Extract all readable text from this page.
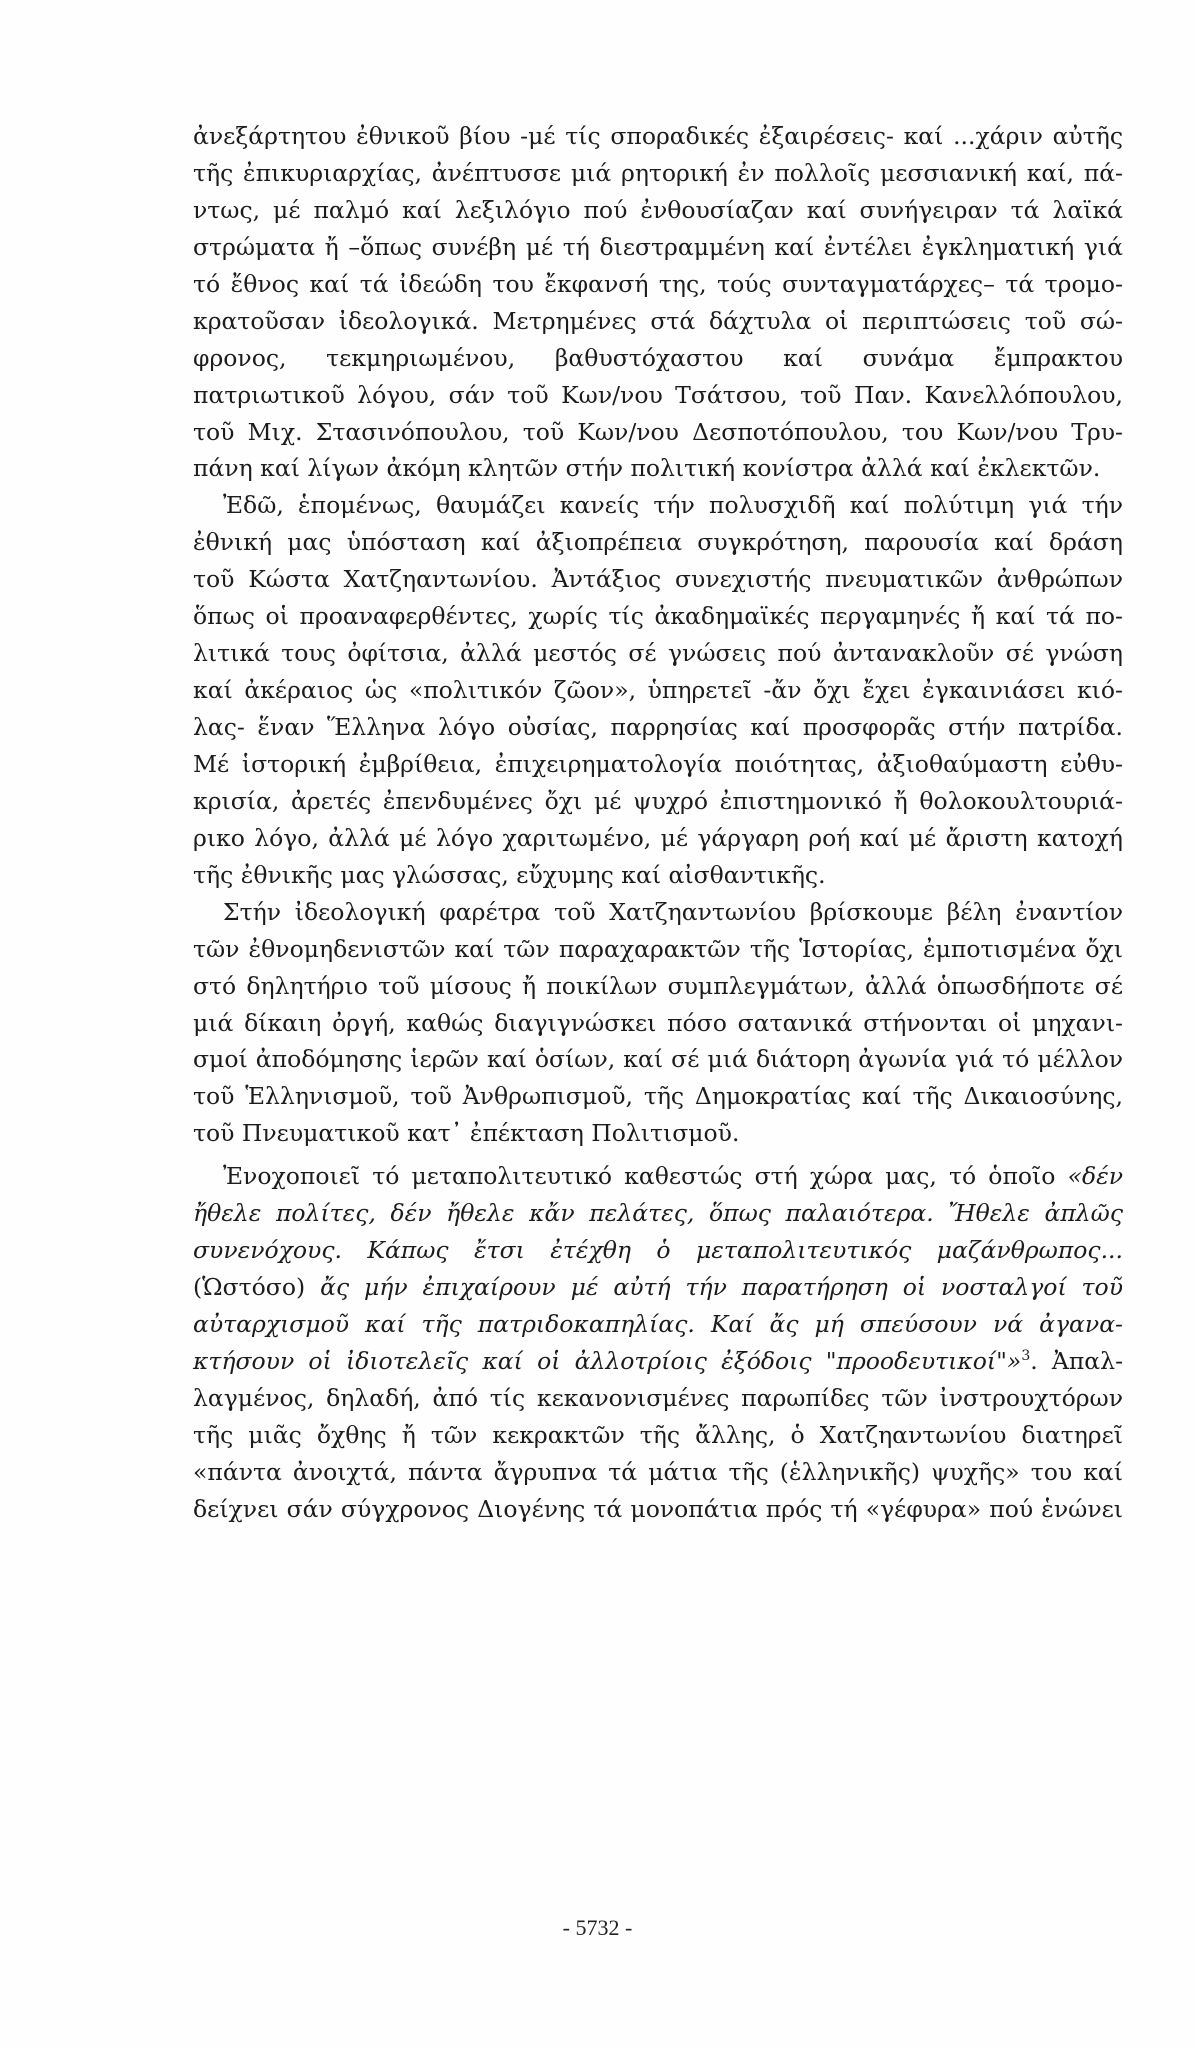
ἀνεξάρτητου ἐθνικοῦ βίου -μέ τίς σποραδικές ἐξαιρέσεις- καί ...χάριν αὐτῆς
τῆς ἐπικυριαρχίας, ἀνέπτυσσε μιά ρητορική ἐν πολλοῖς μεσσιανική καί, πά-
ντως, μέ παλμό καί λεξιλόγιο πού ἐνθουσίαζαν καί συνήγειραν τά λαϊκά
στρώματα ἤ –ὅπως συνέβη μέ τή διεστραμμένη καί ἐντέλει ἐγκληματική γιά
τό ἔθνος καί τά ἰδεώδη του ἔκφανσή της, τούς συνταγματάρχες– τά τρομο-
κρατοῦσαν ἰδεολογικά. Μετρημένες στά δάχτυλα οἱ περιπτώσεις τοῦ σώ-
φρονος, τεκμηριωμένου, βαθυστόχαστου καί συνάμα ἔμπρακτου
πατριωτικοῦ λόγου, σάν τοῦ Κων/νου Τσάτσου, τοῦ Παν. Κανελλόπουλου,
τοῦ Μιχ. Στασινόπουλου, τοῦ Κων/νου Δεσποτόπουλου, του Κων/νου Τρυ-
πάνη καί λίγων ἀκόμη κλητῶν στήν πολιτική κονίστρα ἀλλά καί ἐκλεκτῶν.
Ἐδῶ, ἑπομένως, θαυμάζει κανείς τήν πολυσχιδῆ καί πολύτιμη γιά τήν
ἐθνική μας ὑπόσταση καί ἀξιοπρέπεια συγκρότηση, παρουσία καί δράση
τοῦ Κώστα Χατζηαντωνίου. Ἀντάξιος συνεχιστής πνευματικῶν ἀνθρώπων
ὅπως οἱ προαναφερθέντες, χωρίς τίς ἀκαδημαϊκές περγαμηνές ἤ καί τά πο-
λιτικά τους ὀφίτσια, ἀλλά μεστός σέ γνώσεις πού ἀντανακλοῦν σέ γνώση
καί ἀκέραιος ὡς «πολιτικόν ζῶον», ὑπηρετεῖ -ἄν ὄχι ἔχει ἐγκαινιάσει κιό-
λας- ἕναν Ἕλληνα λόγο οὐσίας, παρρησίας καί προσφορᾶς στήν πατρίδα.
Μέ ἱστορική ἐμβρίθεια, ἐπιχειρηματολογία ποιότητας, ἀξιοθαύμαστη εὐθυ-
κρισία, ἀρετές ἐπενδυμένες ὄχι μέ ψυχρό ἐπιστημονικό ἤ θολοκουλτουριά-
ρικο λόγο, ἀλλά μέ λόγο χαριτωμένο, μέ γάργαρη ροή καί μέ ἄριστη κατοχή
τῆς ἐθνικῆς μας γλώσσας, εὔχυμης καί αἰσθαντικῆς.
Στήν ἰδεολογική φαρέτρα τοῦ Χατζηαντωνίου βρίσκουμε βέλη ἐναντίον
τῶν ἐθνομηδενιστῶν καί τῶν παραχαρακτῶν τῆς Ἱστορίας, ἐμποτισμένα ὄχι
στό δηλητήριο τοῦ μίσους ἤ ποικίλων συμπλεγμάτων, ἀλλά ὁπωσδήποτε σέ
μιά δίκαιη ὀργή, καθώς διαγιγνώσκει πόσο σατανικά στήνονται οἱ μηχανι-
σμοί ἀποδόμησης ἱερῶν καί ὁσίων, καί σέ μιά διάτορη ἀγωνία γιά τό μέλλον
τοῦ Ἑλληνισμοῦ, τοῦ Ἀνθρωπισμοῦ, τῆς Δημοκρατίας καί τῆς Δικαιοσύνης,
τοῦ Πνευματικοῦ κατ᾽ ἐπέκταση Πολιτισμοῦ.
Ἐνοχοποιεῖ τό μεταπολιτευτικό καθεστώς στή χώρα μας, τό ὁποῖο «δέν
ἤθελε πολίτες, δέν ἤθελε κἄν πελάτες, ὅπως παλαιότερα. Ἤθελε ἀπλῶς
συνενόχους. Κάπως ἔτσι ἐτέχθη ὁ μεταπολιτευτικός μαζάνθρωπος...
(Ὡστόσο) ἄς μήν ἐπιχαίρουν μέ αὐτή τήν παρατήρηση οἱ νοσταλγοί τοῦ
αὐταρχισμοῦ καί τῆς πατριδοκαπηλίας. Καί ἄς μή σπεύσουν νά ἀγανα-
κτήσουν οἱ ἰδιοτελεῖς καί οἱ ἀλλοτρίοις ἐξόδοις "προοδευτικοί"»$^3$. Ἀπαλ-
λαγμένος, δηλαδή, ἀπό τίς κεκανονισμένες παρωπίδες τῶν ἰνστρουχτόρων
τῆς μιᾶς ὄχθης ἤ τῶν κεκρακτῶν τῆς ἄλλης, ὁ Χατζηαντωνίου διατηρεῖ
«πάντα ἀνοιχτά, πάντα ἄγρυπνα τά μάτια τῆς (ἑλληνικῆς) ψυχῆς» του καί
δείχνει σάν σύγχρονος Διογένης τά μονοπάτια πρός τή «γέφυρα» πού ἑνώνει
- 5732 -
